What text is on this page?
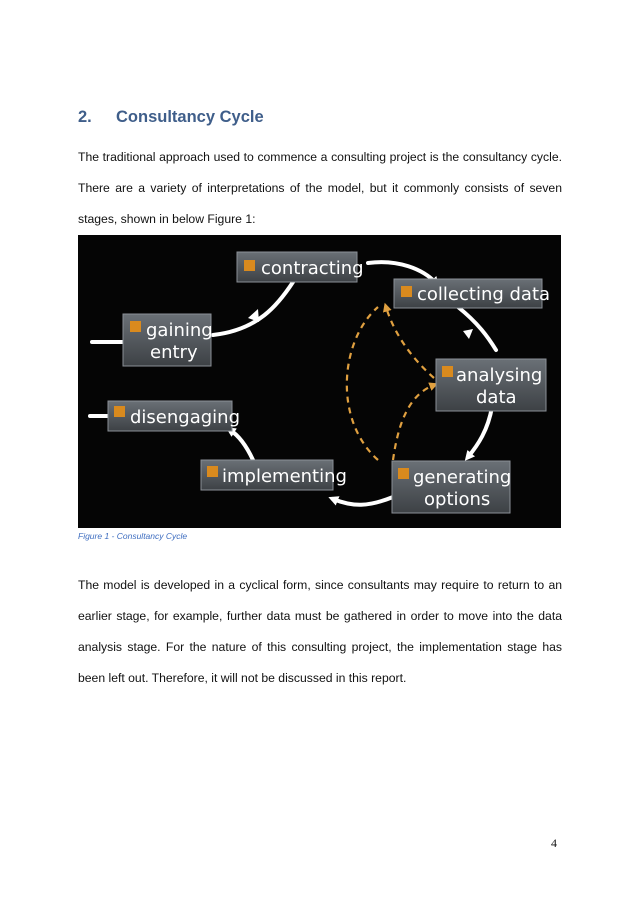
2. Consultancy Cycle
The traditional approach used to commence a consulting project is the consultancy cycle. There are a variety of interpretations of the model, but it commonly consists of seven stages, shown in below Figure 1:
contracting
collecting data
gaining
entry
analysing
data
disengaging
implementing	generating
options
Figure 1 - Consultancy Cycle
The model is developed in a cyclical form, since consultants may require to return to an earlier stage, for example, further data must be gathered in order to move into the data analysis stage. For the nature of this consulting project, the implementation stage has been left out. Therefore, it will not be discussed in this report.
4
